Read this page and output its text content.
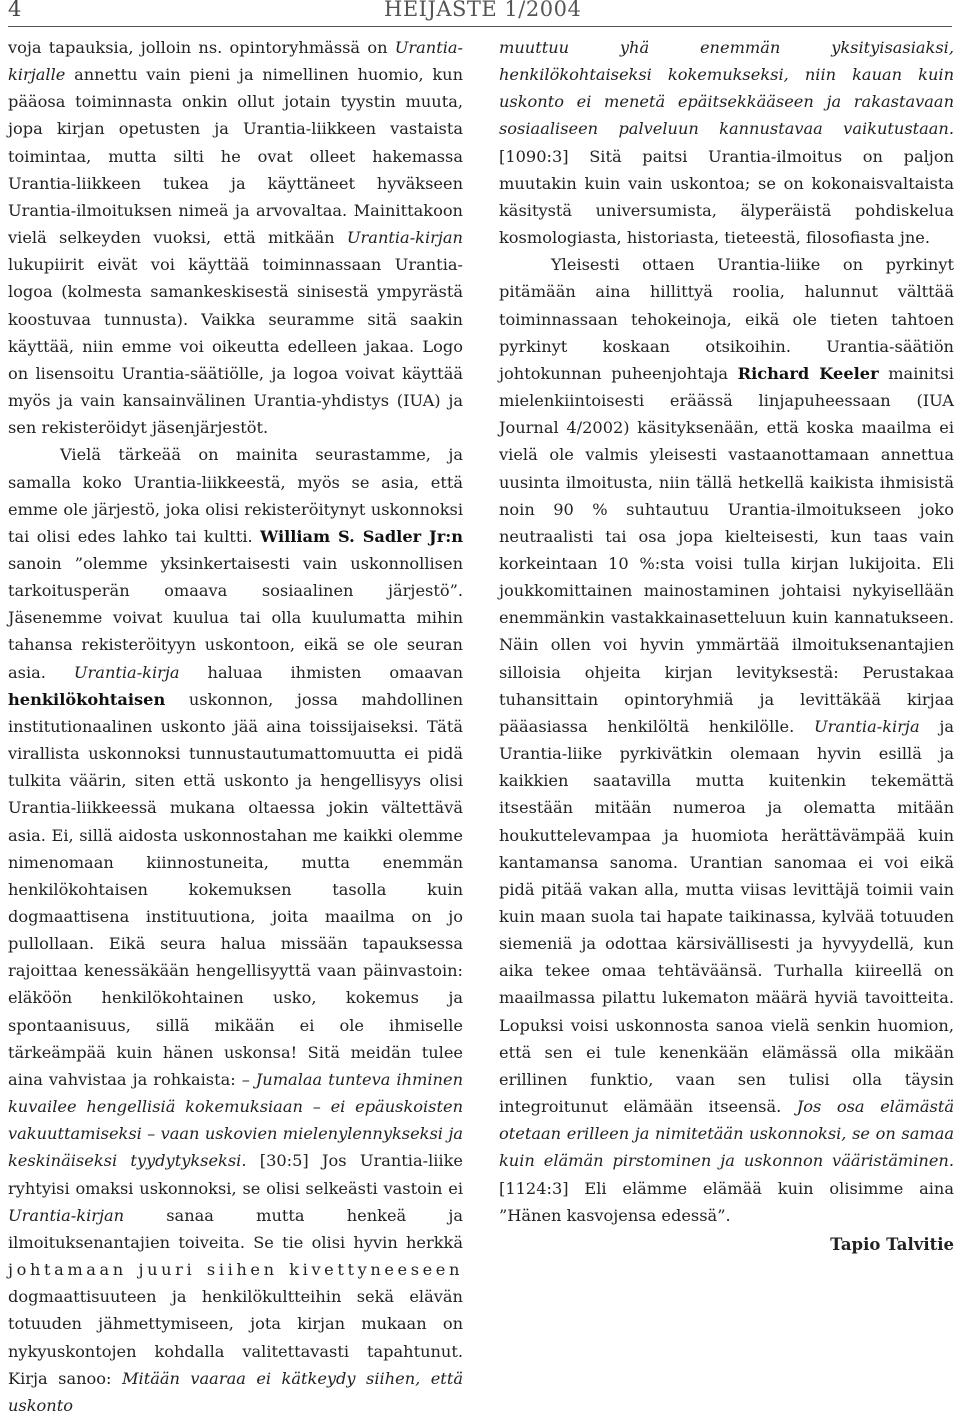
4	HEIJASTE 1/2004

voja tapauksia, jolloin ns. opintoryhmässä on Urantia-kirjalle annettu vain pieni ja nimellinen huomio, kun pääosa toiminnasta onkin ollut jotain tyystin muuta, jopa kirjan opetusten ja Urantia-liikkeen vastaista toimintaa, mutta silti he ovat olleet hakemassa Urantia-liikkeen tukea ja käyttäneet hyväkseen Urantia-ilmoituksen nimeä ja arvovaltaa. Mainittakoon vielä selkeyden vuoksi, että mitkään Urantia-kirjan lukupiirit eivät voi käyttää toiminnassaan Urantia-logoa (kolmesta samankeskisestä sinisestä ympyrästä koostuvaa tunnusta). Vaikka seuramme sitä saakin käyttää, niin emme voi oikeutta edelleen jakaa. Logo on lisensoitu Urantia-säätiölle, ja logoa voivat käyttää myös ja vain kansainvälinen Urantia-yhdistys (IUA) ja sen rekisteröidyt jäsenjärjestöt.

Vielä tärkeää on mainita seurastamme, ja samalla koko Urantia-liikkeestä, myös se asia, että emme ole järjestö, joka olisi rekisteröitynyt uskonnoksi tai olisi edes lahko tai kultti. William S. Sadler Jr:n sanoin ”olemme yksinkertaisesti vain uskonnollisen tarkoitusperän omaava sosiaalinen järjestö”. Jäsenemme voivat kuulua tai olla kuulumatta mihin tahansa rekisteröityyn uskontoon, eikä se ole seuran asia. Urantia-kirja haluaa ihmisten omaavan henkilökohtaisen uskonnon, jossa mahdollinen institutionaalinen uskonto jää aina toissijaiseksi. Tätä virallista uskonnoksi tunnustautumattomuutta ei pidä tulkita väärin, siten että uskonto ja hengellisyys olisi Urantia-liikkeessä mukana oltaessa jokin vältettävä asia. Ei, sillä aidosta uskonnostahan me kaikki olemme nimenomaan kiinnostuneita, mutta enemmän henkilökohtaisen kokemuksen tasolla kuin dogmaattisena instituutiona, joita maailma on jo pullollaan. Eikä seura halua missään tapauksessa rajoittaa kenessäkään hengellisyyttä vaan päinvastoin: eläköön henkilökohtainen usko, kokemus ja spontaanisuus, sillä mikään ei ole ihmiselle tärkeämpää kuin hänen uskonsa! Sitä meidän tulee aina vahvistaa ja rohkaista: – Jumalaa tunteva ihminen kuvailee hengellisiä kokemuksiaan – ei epäuskoisten vakuuttamiseksi – vaan uskovien mielenylennykseksi ja keskinäiseksi tyydytykseksi. [30:5] Jos Urantia-liike ryhtyisi omaksi uskonnoksi, se olisi selkeästi vastoin ei Urantia-kirjan sanaa mutta henkeä ja ilmoituksenantajien toiveita. Se tie olisi hyvin herkkä johtamaan juuri siihen kivettyneeseen dogmaattisuuteen ja henkilökultteihin sekä elävän totuuden jähmettymiseen, jota kirjan mukaan on nykyuskontojen kohdalla valitettavasti tapahtunut. Kirja sanoo: Mitään vaaraa ei kätkeydy siihen, että uskonto

muuttuu yhä enemmän yksityisasiaksi, henkilökohtaiseksi kokemukseksi, niin kauan kuin uskonto ei menetä epäitsekkääseen ja rakastavaan sosiaaliseen palveluun kannustavaa vaikutustaan. [1090:3] Sitä paitsi Urantia-ilmoitus on paljon muutakin kuin vain uskontoa; se on kokonaisvaltaista käsitystä universumista, älyperäistä pohdiskelua kosmologiasta, historiasta, tieteestä, filosofiasta jne.

Yleisesti ottaen Urantia-liike on pyrkinyt pitämään aina hillittyä roolia, halunnut välttää toiminnassaan tehokeinoja, eikä ole tieten tahtoen pyrkinyt koskaan otsikoihin. Urantia-säätiön johtokunnan puheenjohtaja Richard Keeler mainitsi mielenkiintoisesti eräässä linjapuheessaan (IUA Journal 4/2002) käsityksenään, että koska maailma ei vielä ole valmis yleisesti vastaanottamaan annettua uusinta ilmoitusta, niin tällä hetkellä kaikista ihmisistä noin 90 % suhtautuu Urantia-ilmoitukseen joko neutraalisti tai osa jopa kielteisesti, kun taas vain korkeintaan 10 %:sta voisi tulla kirjan lukijoita. Eli joukkomittainen mainostaminen johtaisi nykyisellään enemmänkin vastakkainasetteluun kuin kannatukseen. Näin ollen voi hyvin ymmärtää ilmoituksenantajien silloisia ohjeita kirjan levityksestä: Perustakaa tuhansittain opintoryhmiä ja levittäkää kirjaa pääasiassa henkilöltä henkilölle. Urantia-kirja ja Urantia-liike pyrkivätkin olemaan hyvin esillä ja kaikkien saatavilla mutta kuitenkin tekemättä itsestään mitään numeroa ja olematta mitään houkuttelevampaa ja huomiota herättävämpää kuin kantamansa sanoma. Urantian sanomaa ei voi eikä pidä pitää vakan alla, mutta viisas levittäjä toimii vain kuin maan suola tai hapate taikinassa, kylvää totuuden siemeniä ja odottaa kärsivällisesti ja hyvyydellä, kun aika tekee omaa tehtäväänsä. Turhalla kiireellä on maailmassa pilattu lukematon määrä hyviä tavoitteita. Lopuksi voisi uskonnosta sanoa vielä senkin huomion, että sen ei tule kenenkään elämässä olla mikään erillinen funktio, vaan sen tulisi olla täysin integroitunut elämään itseensä. Jos osa elämästä otetaan erilleen ja nimitetään uskonnoksi, se on samaa kuin elämän pirstominen ja uskonnon vääristäminen. [1124:3] Eli elämme elämää kuin olisimme aina ”Hänen kasvojensa edessä”.

Tapio Talvitie
